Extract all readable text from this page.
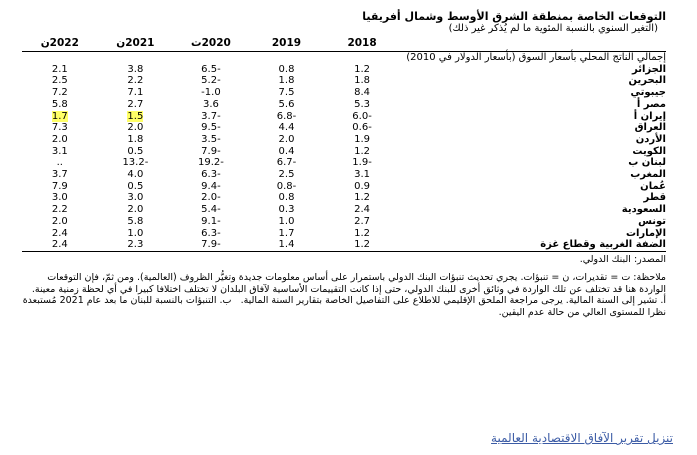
التوقعات الخاصة بمنطقة الشرق الأوسط وشمال أفريقيا
(التغير السنوي بالنسبة المئوية ما لم يُذكر غير ذلك)
	2018	2019	2020ت	2021ن	2022ن
إجمالي الناتج المحلي بأسعار السوق (بأسعار الدولار في 2010)					
الجزائر	1.2	0.8	-6.5	3.8	2.1
البحرين	1.8	1.8	-5.2	2.2	2.5
جيبوتي	8.4	7.5	1.0-	7.1	7.2
مصر أ	5.3	5.6	3.6	2.7	5.8
إيران أ	-6.0	-6.8	-3.7	1.5	1.7
العراق	-0.6	4.4	-9.5	2.0	7.3
الأردن	1.9	2.0	-3.5	1.8	2.0
الكويت	1.2	0.4	-7.9	0.5	3.1
لبنان ب	-1.9	-6.7	-19.2	-13.2	..
المغرب	3.1	2.5	-6.3	4.0	3.7
عُمان	0.9	-0.8	-9.4	0.5	7.9
قطر	1.2	0.8	-2.0	3.0	3.0
السعودية	2.4	0.3	-5.4	2.0	2.2
تونس	2.7	1.0	-9.1	5.8	2.0
الإمارات	1.2	1.7	-6.3	1.0	2.4
الضفة الغربية وقطاع غزة	1.2	1.4	-7.9	2.3	2.4

المصدر: البنك الدولي.

ملاحظة: ت = تقديرات، ن = تنبؤات. يجري تحديث تنبؤات البنك الدولي باستمرار على أساس معلومات جديدة وتغيُّر الظروف (العالمية). ومن ثمّ، فإن التوقعات الواردة هنا قد تختلف عن تلك الواردة في وثائق أخرى للبنك الدولي، حتى إذا كانت التقييمات الأساسية لآفاق البلدان لا تختلف اختلافا كبيرا في أي لحظة زمنية معينة.

أ. تشير إلى السنة المالية. يرجى مراجعة الملحق الإقليمي للاطلاع على التفاصيل الخاصة بتقارير السنة المالية.   ب. التنبؤات بالنسبة للبنان ما بعد عام 2021 مُستبعدة نظرا للمستوى العالي من حالة عدم اليقين.

تنزيل تقرير الآفاق الاقتصادية العالمية
